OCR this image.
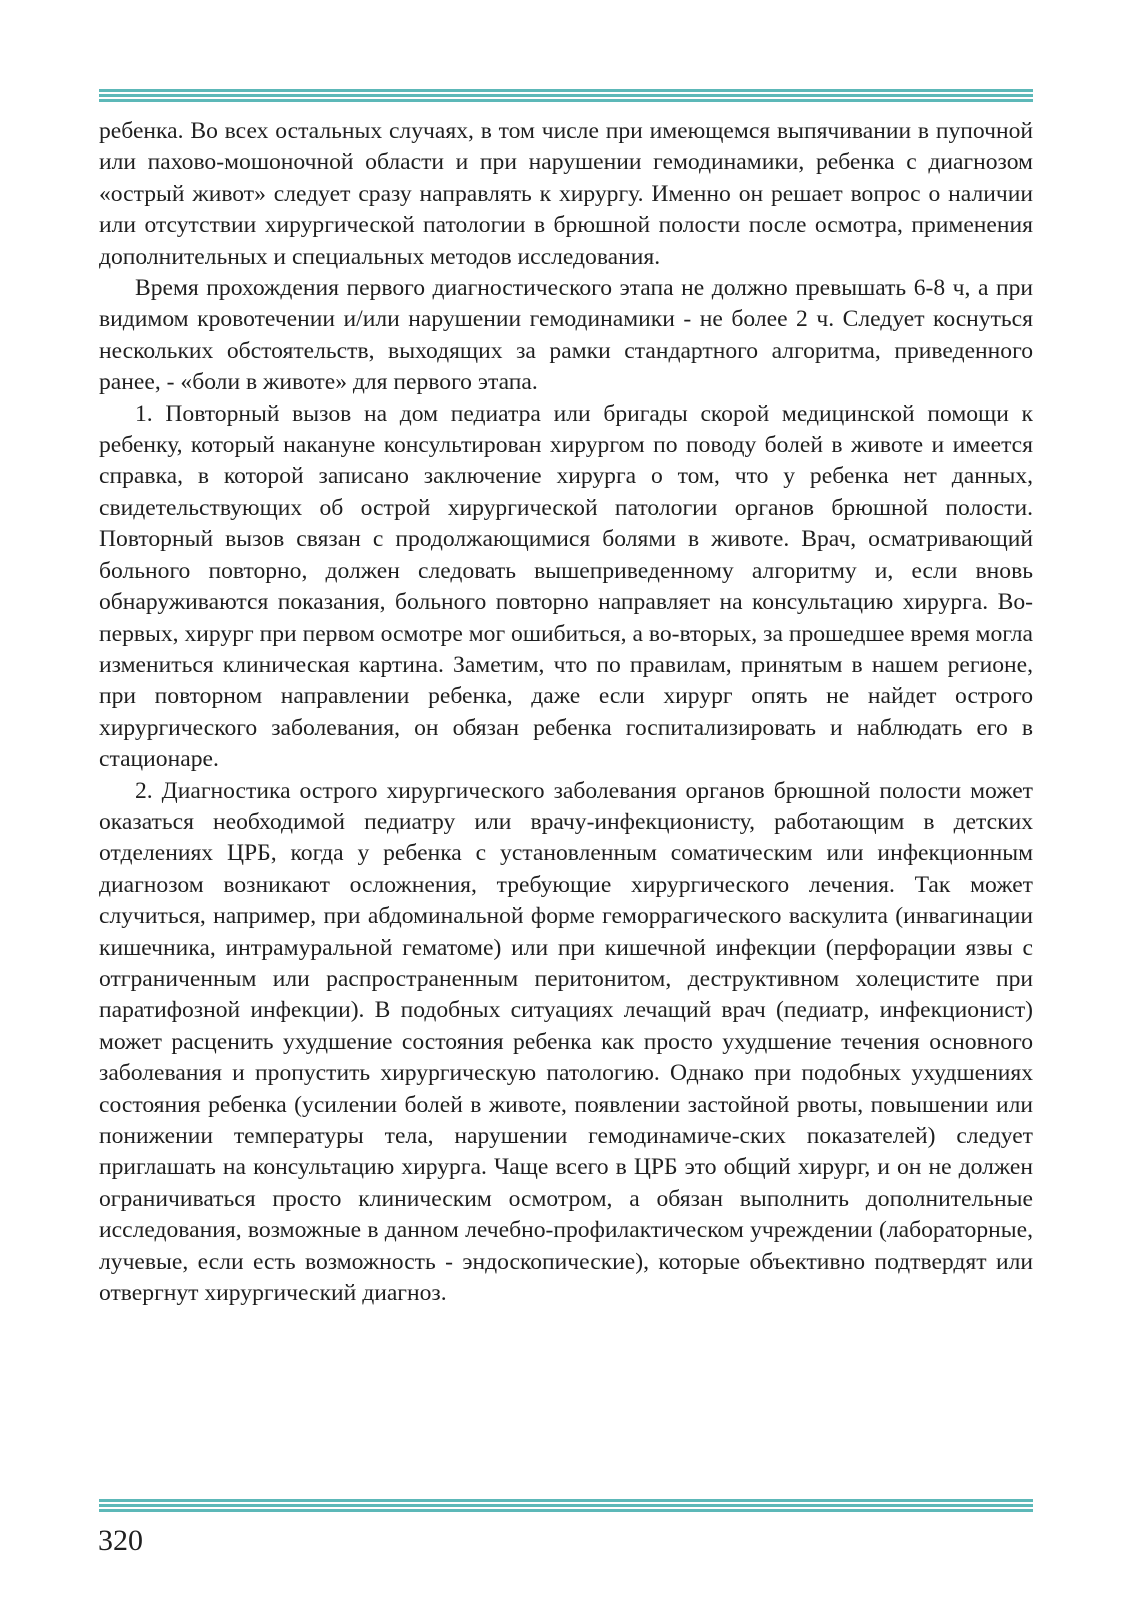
ребенка. Во всех остальных случаях, в том числе при имеющемся выпячивании в пупочной или пахово-мошоночной области и при нарушении гемодинамики, ребенка с диагнозом «острый живот» следует сразу направлять к хирургу. Именно он решает вопрос о наличии или отсутствии хирургической патологии в брюшной полости после осмотра, применения дополнительных и специальных методов исследования.

Время прохождения первого диагностического этапа не должно превышать 6-8 ч, а при видимом кровотечении и/или нарушении гемодинамики - не более 2 ч. Следует коснуться нескольких обстоятельств, выходящих за рамки стандартного алгоритма, приведенного ранее, - «боли в животе» для первого этапа.

1. Повторный вызов на дом педиатра или бригады скорой медицинской помощи к ребенку, который накануне консультирован хирургом по поводу болей в животе и имеется справка, в которой записано заключение хирурга о том, что у ребенка нет данных, свидетельствующих об острой хирургической патологии органов брюшной полости. Повторный вызов связан с продолжающимися болями в животе. Врач, осматривающий больного повторно, должен следовать вышеприведенному алгоритму и, если вновь обнаруживаются показания, больного повторно направляет на консультацию хирурга. Во-первых, хирург при первом осмотре мог ошибиться, а во-вторых, за прошедшее время могла измениться клиническая картина. Заметим, что по правилам, принятым в нашем регионе, при повторном направлении ребенка, даже если хирург опять не найдет острого хирургического заболевания, он обязан ребенка госпитализировать и наблюдать его в стационаре.

2. Диагностика острого хирургического заболевания органов брюшной полости может оказаться необходимой педиатру или врачу-инфекционисту, работающим в детских отделениях ЦРБ, когда у ребенка с установленным соматическим или инфекционным диагнозом возникают осложнения, требующие хирургического лечения. Так может случиться, например, при абдоминальной форме геморрагического васкулита (инвагинации кишечника, интрамуральной гематоме) или при кишечной инфекции (перфорации язвы с отграниченным или распространенным перитонитом, деструктивном холецистите при паратифозной инфекции). В подобных ситуациях лечащий врач (педиатр, инфекционист) может расценить ухудшение состояния ребенка как просто ухудшение течения основного заболевания и пропустить хирургическую патологию. Однако при подобных ухудшениях состояния ребенка (усилении болей в животе, появлении застойной рвоты, повышении или понижении температуры тела, нарушении гемодинамиче-ских показателей) следует приглашать на консультацию хирурга. Чаще всего в ЦРБ это общий хирург, и он не должен ограничиваться просто клиническим осмотром, а обязан выполнить дополнительные исследования, возможные в данном лечебно-профилактическом учреждении (лабораторные, лучевые, если есть возможность - эндоскопические), которые объективно подтвердят или отвергнут хирургический диагноз.

320
